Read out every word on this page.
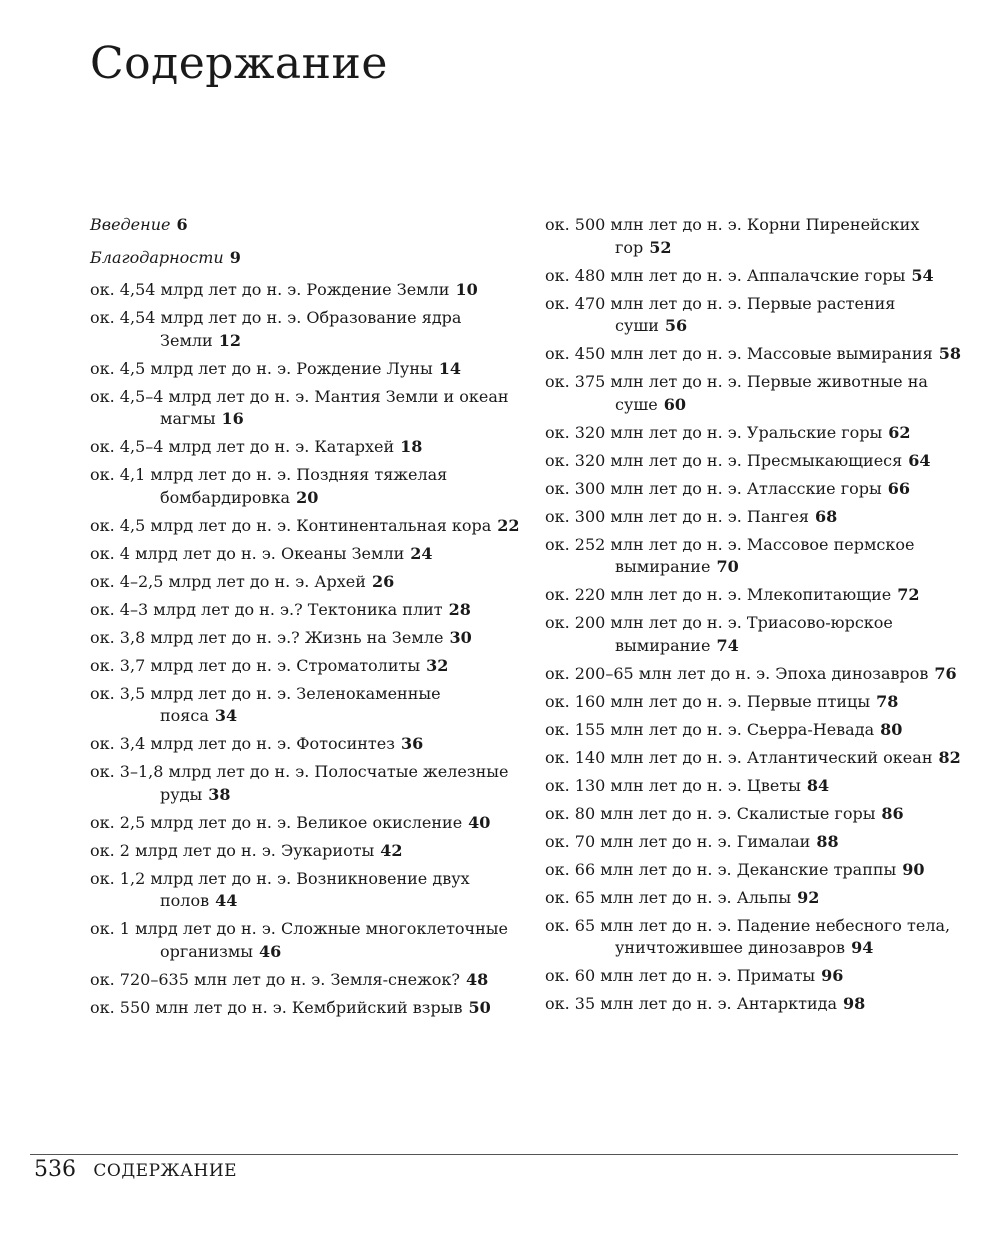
Содержание

Введение 6

Благодарности 9

ок. 4,54 млрд лет до н. э. Рождение Земли 10

ок. 4,54 млрд лет до н. э. Образование ядра Земли 12

ок. 4,5 млрд лет до н. э. Рождение Луны 14

ок. 4,5–4 млрд лет до н. э. Мантия Земли и океан магмы 16

ок. 4,5–4 млрд лет до н. э. Катархей 18

ок. 4,1 млрд лет до н. э. Поздняя тяжелая бомбардировка 20

ок. 4,5 млрд лет до н. э. Континентальная кора 22

ок. 4 млрд лет до н. э. Океаны Земли 24

ок. 4–2,5 млрд лет до н. э. Архей 26

ок. 4–3 млрд лет до н. э.? Тектоника плит 28

ок. 3,8 млрд лет до н. э.? Жизнь на Земле 30

ок. 3,7 млрд лет до н. э. Строматолиты 32

ок. 3,5 млрд лет до н. э. Зеленокаменные пояса 34

ок. 3,4 млрд лет до н. э. Фотосинтез 36

ок. 3–1,8 млрд лет до н. э. Полосчатые железные руды 38

ок. 2,5 млрд лет до н. э. Великое окисление 40

ок. 2 млрд лет до н. э. Эукариоты 42

ок. 1,2 млрд лет до н. э. Возникновение двух полов 44

ок. 1 млрд лет до н. э. Сложные многоклеточные организмы 46

ок. 720–635 млн лет до н. э. Земля-снежок? 48

ок. 550 млн лет до н. э. Кембрийский взрыв 50

ок. 500 млн лет до н. э. Корни Пиренейских гор 52

ок. 480 млн лет до н. э. Аппалачские горы 54

ок. 470 млн лет до н. э. Первые растения суши 56

ок. 450 млн лет до н. э. Массовые вымирания 58

ок. 375 млн лет до н. э. Первые животные на суше 60

ок. 320 млн лет до н. э. Уральские горы 62

ок. 320 млн лет до н. э. Пресмыкающиеся 64

ок. 300 млн лет до н. э. Атласские горы 66

ок. 300 млн лет до н. э. Пангея 68

ок. 252 млн лет до н. э. Массовое пермское вымирание 70

ок. 220 млн лет до н. э. Млекопитающие 72

ок. 200 млн лет до н. э. Триасово-юрское вымирание 74

ок. 200–65 млн лет до н. э. Эпоха динозавров 76

ок. 160 млн лет до н. э. Первые птицы 78

ок. 155 млн лет до н. э. Сьерра-Невада 80

ок. 140 млн лет до н. э. Атлантический океан 82

ок. 130 млн лет до н. э. Цветы 84

ок. 80 млн лет до н. э. Скалистые горы 86

ок. 70 млн лет до н. э. Гималаи 88

ок. 66 млн лет до н. э. Деканские траппы 90

ок. 65 млн лет до н. э. Альпы 92

ок. 65 млн лет до н. э. Падение небесного тела, уничтожившее динозавров 94

ок. 60 млн лет до н. э. Приматы 96

ок. 35 млн лет до н. э. Антарктида 98

536 СОДЕРЖАНИЕ
